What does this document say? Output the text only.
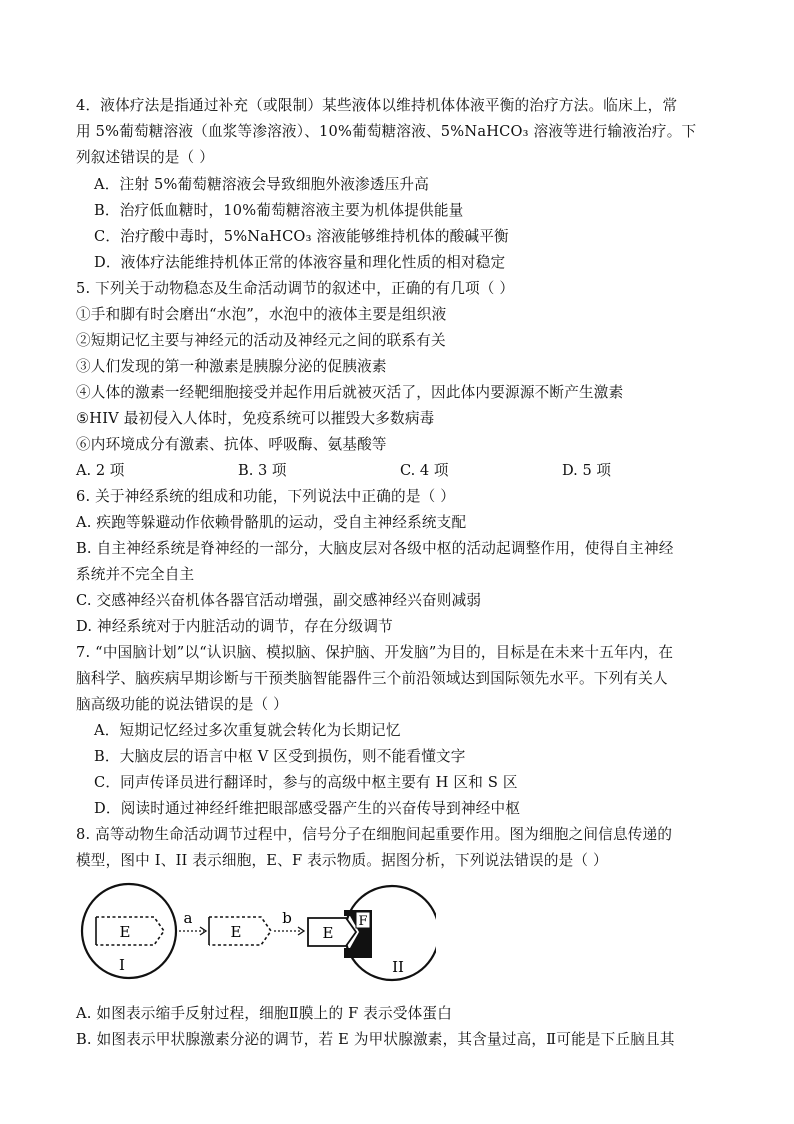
4．液体疗法是指通过补充（或限制）某些液体以维持机体体液平衡的治疗方法。临床上，常
用 5%葡萄糖溶液（血浆等渗溶液）、10%葡萄糖溶液、5%NaHCO₃ 溶液等进行输液治疗。下
列叙述错误的是（ ）
A．注射 5%葡萄糖溶液会导致细胞外液渗透压升高
B．治疗低血糖时，10%葡萄糖溶液主要为机体提供能量
C．治疗酸中毒时，5%NaHCO₃ 溶液能够维持机体的酸碱平衡
D．液体疗法能维持机体正常的体液容量和理化性质的相对稳定
5. 下列关于动物稳态及生命活动调节的叙述中，正确的有几项（ ）
①手和脚有时会磨出“水泡”，水泡中的液体主要是组织液
②短期记忆主要与神经元的活动及神经元之间的联系有关
③人们发现的第一种激素是胰腺分泌的促胰液素
④人体的激素一经靶细胞接受并起作用后就被灭活了，因此体内要源源不断产生激素
⑤HIV 最初侵入人体时，免疫系统可以摧毁大多数病毒
⑥内环境成分有激素、抗体、呼吸酶、氨基酸等
A. 2 项	B. 3 项	C. 4 项	D. 5 项
6. 关于神经系统的组成和功能，下列说法中正确的是（ ）
A. 疾跑等躲避动作依赖骨骼肌的运动，受自主神经系统支配
B. 自主神经系统是脊神经的一部分，大脑皮层对各级中枢的活动起调整作用，使得自主神经
系统并不完全自主
C. 交感神经兴奋机体各器官活动增强，副交感神经兴奋则减弱
D. 神经系统对于内脏活动的调节，存在分级调节
7. “中国脑计划”以“认识脑、模拟脑、保护脑、开发脑”为目的，目标是在未来十五年内，在
脑科学、脑疾病早期诊断与干预类脑智能器件三个前沿领域达到国际领先水平。下列有关人
脑高级功能的说法错误的是（ ）
A．短期记忆经过多次重复就会转化为长期记忆
B．大脑皮层的语言中枢 V 区受到损伤，则不能看懂文字
C．同声传译员进行翻译时，参与的高级中枢主要有 H 区和 S 区
D．阅读时通过神经纤维把眼部感受器产生的兴奋传导到神经中枢
8. 高等动物生命活动调节过程中，信号分子在细胞间起重要作用。图为细胞之间信息传递的
模型，图中 I、II 表示细胞，E、F 表示物质。据图分析，下列说法错误的是（ ）
E
I
a
E
b
E
F
II
A. 如图表示缩手反射过程，细胞Ⅱ膜上的 F 表示受体蛋白
B. 如图表示甲状腺激素分泌的调节，若 E 为甲状腺激素，其含量过高，Ⅱ可能是下丘脑且其
